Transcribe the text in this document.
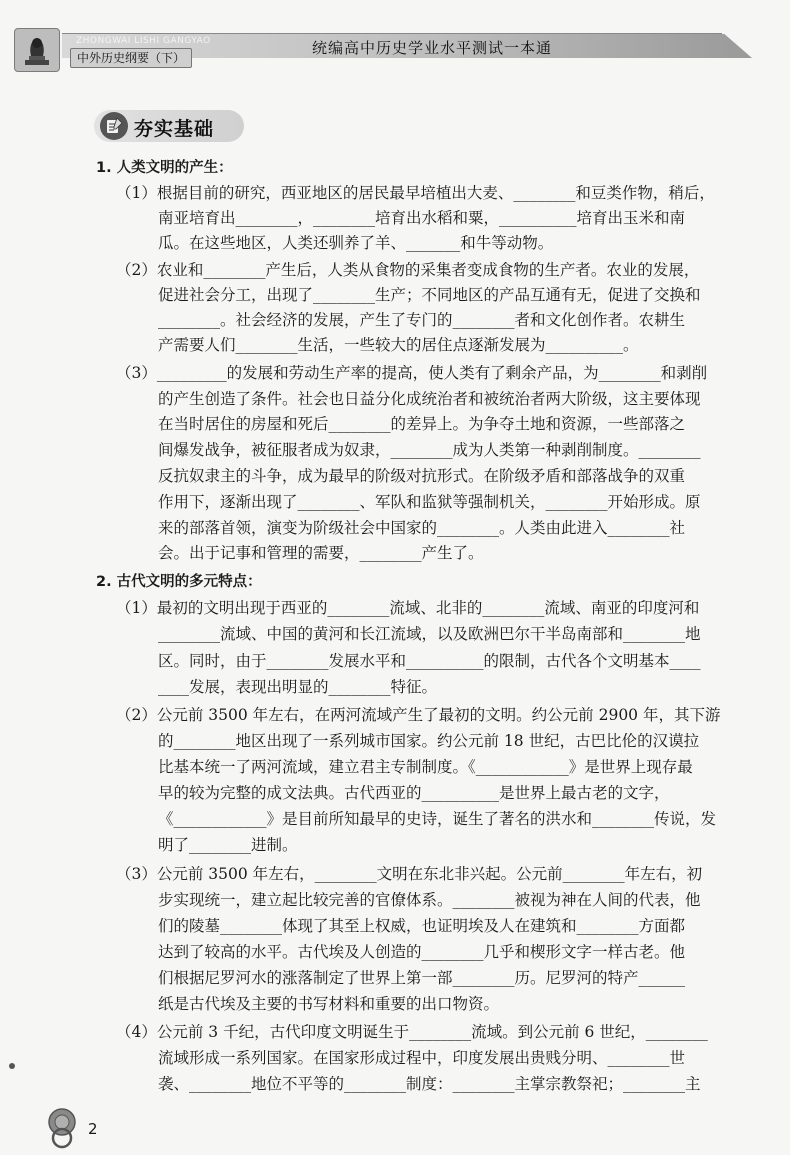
ZHONGWAI LISHI GANGYAO	统编高中历史学业水平测试一本通
中外历史纲要（下）
夯实基础
1. 人类文明的产生：
（1）根据目前的研究，西亚地区的居民最早培植出大麦、________和豆类作物，稍后，
南亚培育出________，________培育出水稻和粟，__________培育出玉米和南
瓜。在这些地区，人类还驯养了羊、_______和牛等动物。
（2）农业和________产生后，人类从食物的采集者变成食物的生产者。农业的发展，
促进社会分工，出现了________生产；不同地区的产品互通有无，促进了交换和
________。社会经济的发展，产生了专门的________者和文化创作者。农耕生
产需要人们________生活，一些较大的居住点逐渐发展为__________。
（3）_________的发展和劳动生产率的提高，使人类有了剩余产品，为________和剥削
的产生创造了条件。社会也日益分化成统治者和被统治者两大阶级，这主要体现
在当时居住的房屋和死后________的差异上。为争夺土地和资源，一些部落之
间爆发战争，被征服者成为奴隶，________成为人类第一种剥削制度。________
反抗奴隶主的斗争，成为最早的阶级对抗形式。在阶级矛盾和部落战争的双重
作用下，逐渐出现了________、军队和监狱等强制机关，________开始形成。原
来的部落首领，演变为阶级社会中国家的________。人类由此进入________社
会。出于记事和管理的需要，________产生了。
2. 古代文明的多元特点：
（1）最初的文明出现于西亚的________流域、北非的________流域、南亚的印度河和
________流域、中国的黄河和长江流域，以及欧洲巴尔干半岛南部和________地
区。同时，由于________发展水平和__________的限制，古代各个文明基本____
____发展，表现出明显的________特征。
（2）公元前 3500 年左右，在两河流域产生了最初的文明。约公元前 2900 年，其下游
的________地区出现了一系列城市国家。约公元前 18 世纪，古巴比伦的汉谟拉
比基本统一了两河流域，建立君主专制制度。《____________》是世界上现存最
早的较为完整的成文法典。古代西亚的__________是世界上最古老的文字，
《____________》是目前所知最早的史诗，诞生了著名的洪水和________传说，发
明了________进制。
（3）公元前 3500 年左右，________文明在东北非兴起。公元前________年左右，初
步实现统一，建立起比较完善的官僚体系。________被视为神在人间的代表，他
们的陵墓________体现了其至上权威，也证明埃及人在建筑和________方面都
达到了较高的水平。古代埃及人创造的________几乎和楔形文字一样古老。他
们根据尼罗河水的涨落制定了世界上第一部________历。尼罗河的特产______
纸是古代埃及主要的书写材料和重要的出口物资。
（4）公元前 3 千纪，古代印度文明诞生于________流域。到公元前 6 世纪，________
流域形成一系列国家。在国家形成过程中，印度发展出贵贱分明、________世
袭、________地位不平等的________制度：________主掌宗教祭祀；________主
2
